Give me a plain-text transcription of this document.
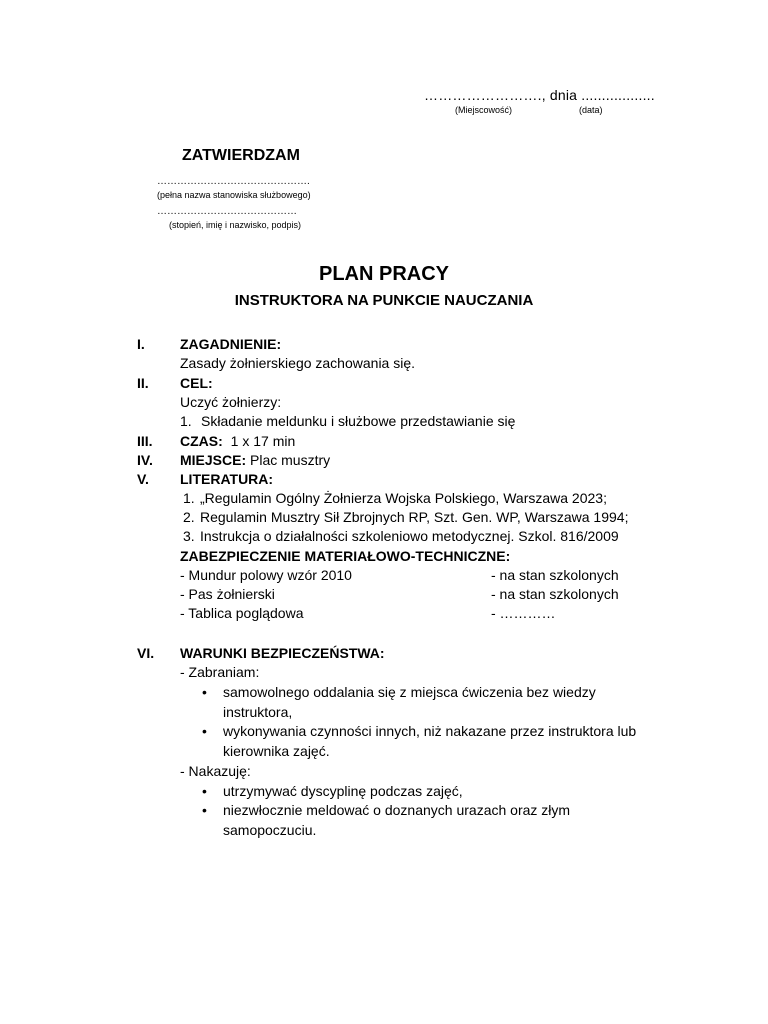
……………………., dnia ..................
(Miejscowość)	(data)
ZATWIERDZAM
……………………………………….
(pełna nazwa stanowiska służbowego)
……………………………………
(stopień, imię i nazwisko, podpis)
PLAN PRACY
INSTRUKTORA NA PUNKCIE NAUCZANIA
I.	ZAGADNIENIE:
Zasady żołnierskiego zachowania się.
II. CEL:
Uczyć żołnierzy:
1. Składanie meldunku i służbowe przedstawianie się
III. CZAS: 1 x 17 min
IV. MIEJSCE: Plac musztry
V. LITERATURA:
1. „Regulamin Ogólny Żołnierza Wojska Polskiego, Warszawa 2023;
2. Regulamin Musztry Sił Zbrojnych RP, Szt. Gen. WP, Warszawa 1994;
3. Instrukcja o działalności szkoleniowo metodycznej. Szkol. 816/2009
ZABEZPIECZENIE MATERIAŁOWO-TECHNICZNE:
- Mundur polowy wzór 2010	- na stan szkolonych
- Pas żołnierski	- na stan szkolonych
- Tablica poglądowa	- …………
VI. WARUNKI BEZPIECZEŃSTWA:
- Zabraniam:
• samowolnego oddalania się z miejsca ćwiczenia bez wiedzy
instruktora,
• wykonywania czynności innych, niż nakazane przez instruktora lub
kierownika zajęć.
- Nakazuję:
• utrzymywać dyscyplinę podczas zajęć,
• niezwłocznie meldować o doznanych urazach oraz złym
samopoczuciu.
